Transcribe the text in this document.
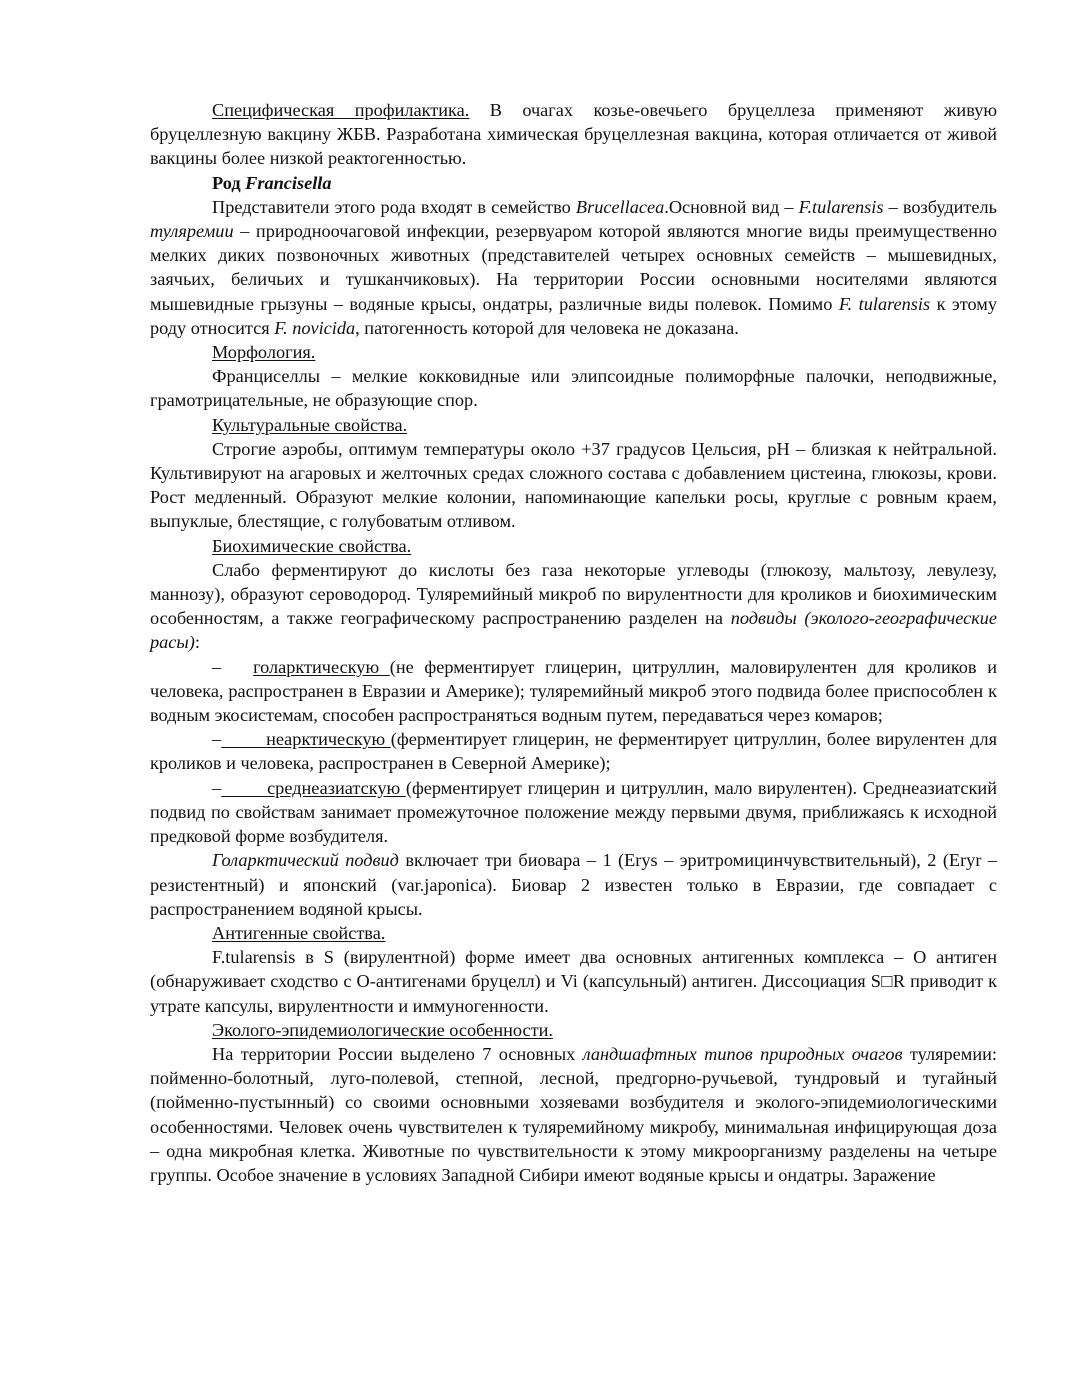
Специфическая профилактика. В очагах козье-овечьего бруцеллеза применяют живую бруцеллезную вакцину ЖБВ. Разработана химическая бруцеллезная вакцина, которая отличается от живой вакцины более низкой реактогенностью.

Род Francisella

Представители этого рода входят в семейство Brucellacea.Основной вид – F.tularensis – возбудитель туляремии – природноочаговой инфекции, резервуаром которой являются многие виды преимущественно мелких диких позвоночных животных (представителей четырех основных семейств – мышевидных, заячьих, беличьих и тушканчиковых). На территории России основными носителями являются мышевидные грызуны – водяные крысы, ондатры, различные виды полевок. Помимо F. tularensis к этому роду относится F. novicida, патогенность которой для человека не доказана.

Морфология.

Франциселлы – мелкие кокковидные или элипсоидные полиморфные палочки, неподвижные, грамотрицательные, не образующие спор.

Культуральные свойства.

Строгие аэробы, оптимум температуры около +37 градусов Цельсия, рН – близкая к нейтральной. Культивируют на агаровых и желточных средах сложного состава с добавлением цистеина, глюкозы, крови. Рост медленный. Образуют мелкие колонии, напоминающие капельки росы, круглые с ровным краем, выпуклые, блестящие, с голубоватым отливом.

Биохимические свойства.

Слабо ферментируют до кислоты без газа некоторые углеводы (глюкозу, мальтозу, левулезу, маннозу), образуют сероводород. Туляремийный микроб по вирулентности для кроликов и биохимическим особенностям, а также географическому распространению разделен на подвиды (эколого-географические расы):

– голарктическую (не ферментирует глицерин, цитруллин, маловирулентен для кроликов и человека, распространен в Евразии и Америке); туляремийный микроб этого подвида более приспособлен к водным экосистемам, способен распространяться водным путем, передаваться через комаров;

– неарктическую (ферментирует глицерин, не ферментирует цитруллин, более вирулентен для кроликов и человека, распространен в Северной Америке);

–	среднеазиатскую (ферментирует глицерин и цитруллин, мало вирулентен). Среднеазиатский подвид по свойствам занимает промежуточное положение между первыми двумя, приближаясь к исходной предковой форме возбудителя.

Голарктический подвид включает три биовара – 1 (Erys – эритромицинчувствительный), 2 (Eryr – резистентный) и японский (var.japonica). Биовар 2 известен только в Евразии, где совпадает с распространением водяной крысы.

Антигенные свойства.

F.tularensis в S (вирулентной) форме имеет два основных антигенных комплекса – О антиген (обнаруживает сходство с О-антигенами бруцелл) и Vi (капсульный) антиген. Диссоциация S□R приводит к утрате капсулы, вирулентности и иммуногенности.

Эколого-эпидемиологические особенности.

На территории России выделено 7 основных ландшафтных типов природных очагов туляремии: пойменно-болотный, луго-полевой, степной, лесной, предгорно-ручьевой, тундровый и тугайный (пойменно-пустынный) со своими основными хозяевами возбудителя и эколого-эпидемиологическими особенностями. Человек очень чувствителен к туляремийному микробу, минимальная инфицирующая доза – одна микробная клетка. Животные по чувствительности к этому микроорганизму разделены на четыре группы. Особое значение в условиях Западной Сибири имеют водяные крысы и ондатры. Заражение
